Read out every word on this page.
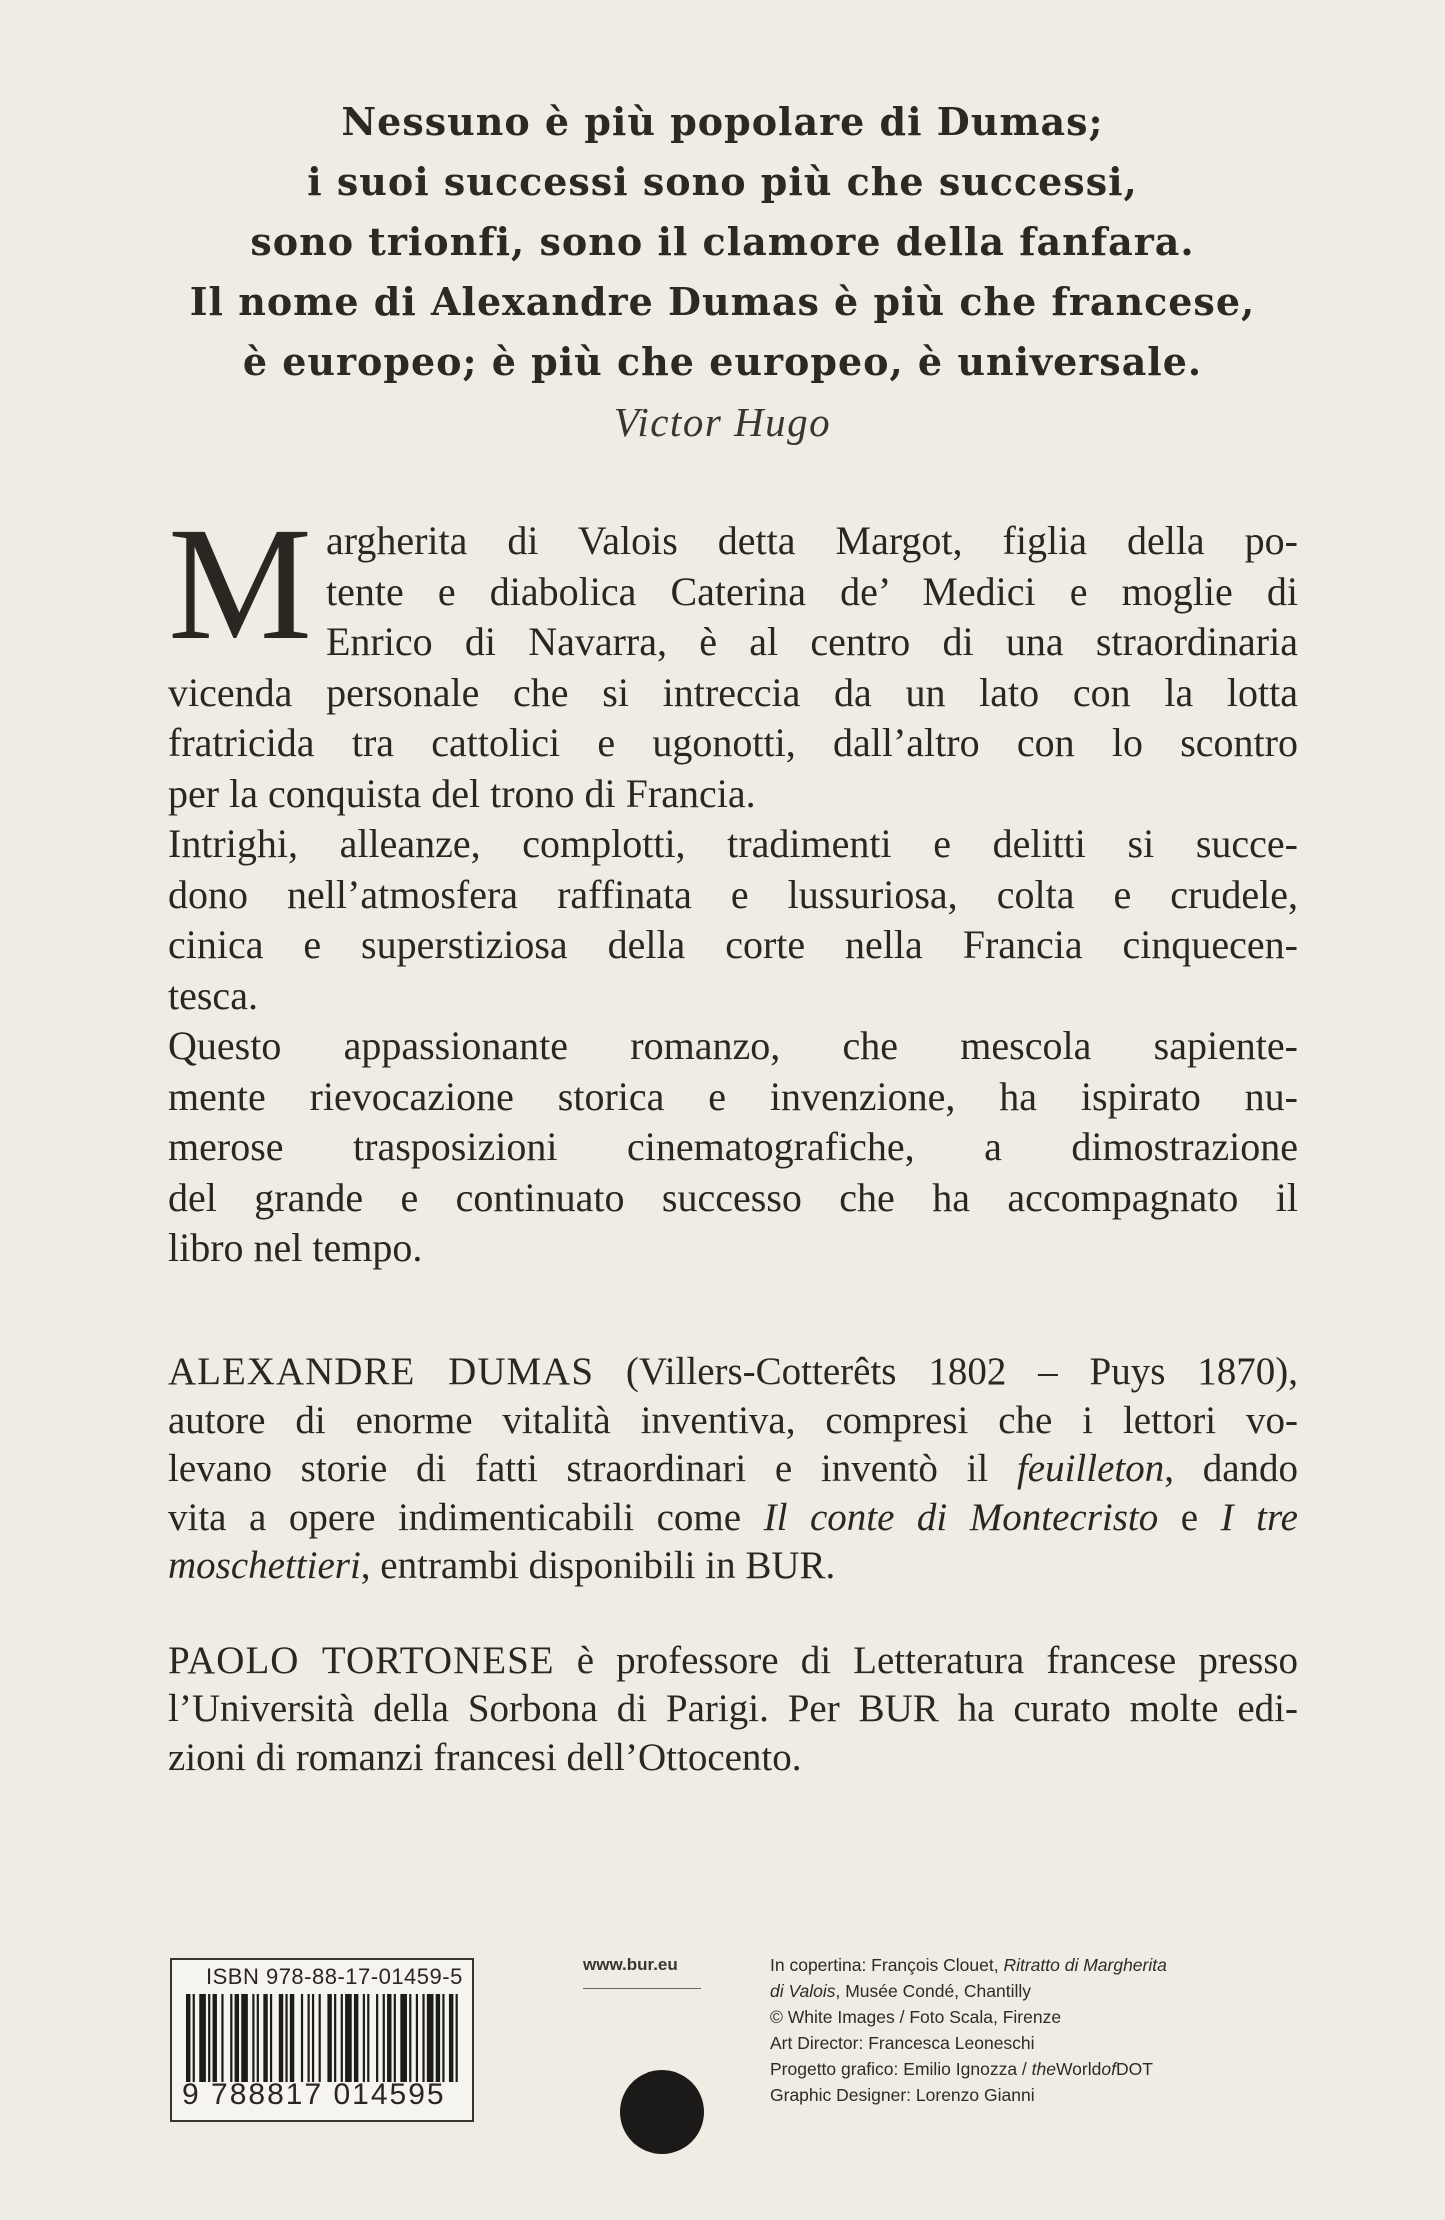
Nessuno è più popolare di Dumas;
i suoi successi sono più che successi,
sono trionfi, sono il clamore della fanfara.
Il nome di Alexandre Dumas è più che francese,
è europeo; è più che europeo, è universale.
Victor Hugo
M argherita di Valois detta Margot, figlia della po-
tente e diabolica Caterina de’ Medici e moglie di
Enrico di Navarra, è al centro di una straordinaria
vicenda personale che si intreccia da un lato con la lotta
fratricida tra cattolici e ugonotti, dall’altro con lo scontro
per la conquista del trono di Francia.
Intrighi, alleanze, complotti, tradimenti e delitti si succe-
dono nell’atmosfera raffinata e lussuriosa, colta e crudele,
cinica e superstiziosa della corte nella Francia cinquecen-
tesca.
Questo appassionante romanzo, che mescola sapiente-
mente rievocazione storica e invenzione, ha ispirato nu-
merose trasposizioni cinematografiche, a dimostrazione
del grande e continuato successo che ha accompagnato il
libro nel tempo.
ALEXANDRE DUMAS (Villers-Cotterêts 1802 – Puys 1870),
autore di enorme vitalità inventiva, compresi che i lettori vo-
levano storie di fatti straordinari e inventò il feuilleton, dando
vita a opere indimenticabili come Il conte di Montecristo e I tre
moschettieri, entrambi disponibili in BUR.
PAOLO TORTONESE è professore di Letteratura francese presso
l’Università della Sorbona di Parigi. Per BUR ha curato molte edi-
zioni di romanzi francesi dell’Ottocento.
ISBN 978-88-17-01459-5
9 788817 014595
www.bur.eu	In copertina: François Clouet, Ritratto di Margherita
di Valois, Musée Condé, Chantilly
© White Images / Foto Scala, Firenze
Art Director: Francesca Leoneschi
Progetto grafico: Emilio Ignozza / theWorldofDOT
Graphic Designer: Lorenzo Gianni
